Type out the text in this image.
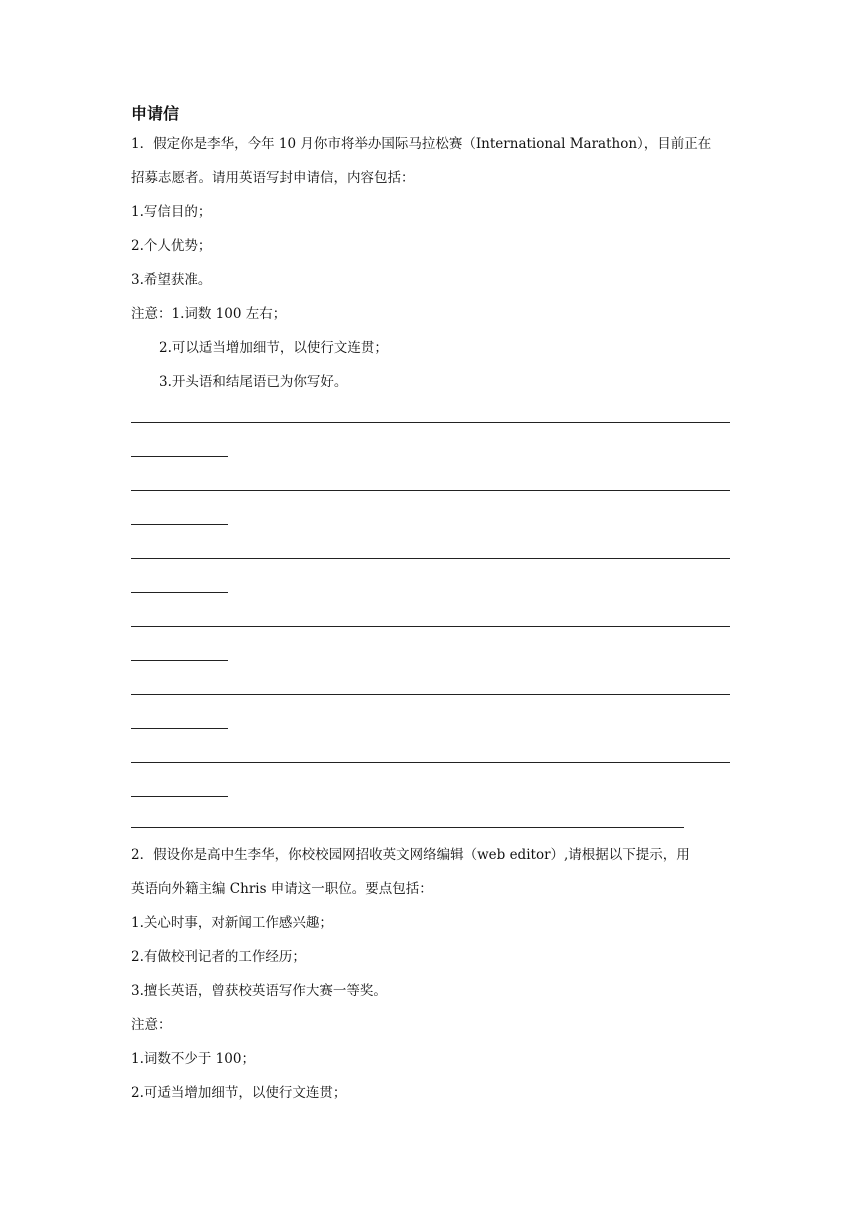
申请信
1．假定你是李华，今年 10 月你市将举办国际马拉松赛（International Marathon），目前正在
招募志愿者。请用英语写封申请信，内容包括：
1.写信目的；
2.个人优势；
3.希望获准。
注意：1.词数 100 左右；
2.可以适当增加细节，以使行文连贯；
3.开头语和结尾语已为你写好。
2．假设你是高中生李华，你校校园网招收英文网络编辑（web editor）,请根据以下提示，用
英语向外籍主编 Chris 申请这一职位。要点包括：
1.关心时事，对新闻工作感兴趣；
2.有做校刊记者的工作经历；
3.擅长英语，曾获校英语写作大赛一等奖。
注意：
1.词数不少于 100；
2.可适当增加细节，以使行文连贯；
